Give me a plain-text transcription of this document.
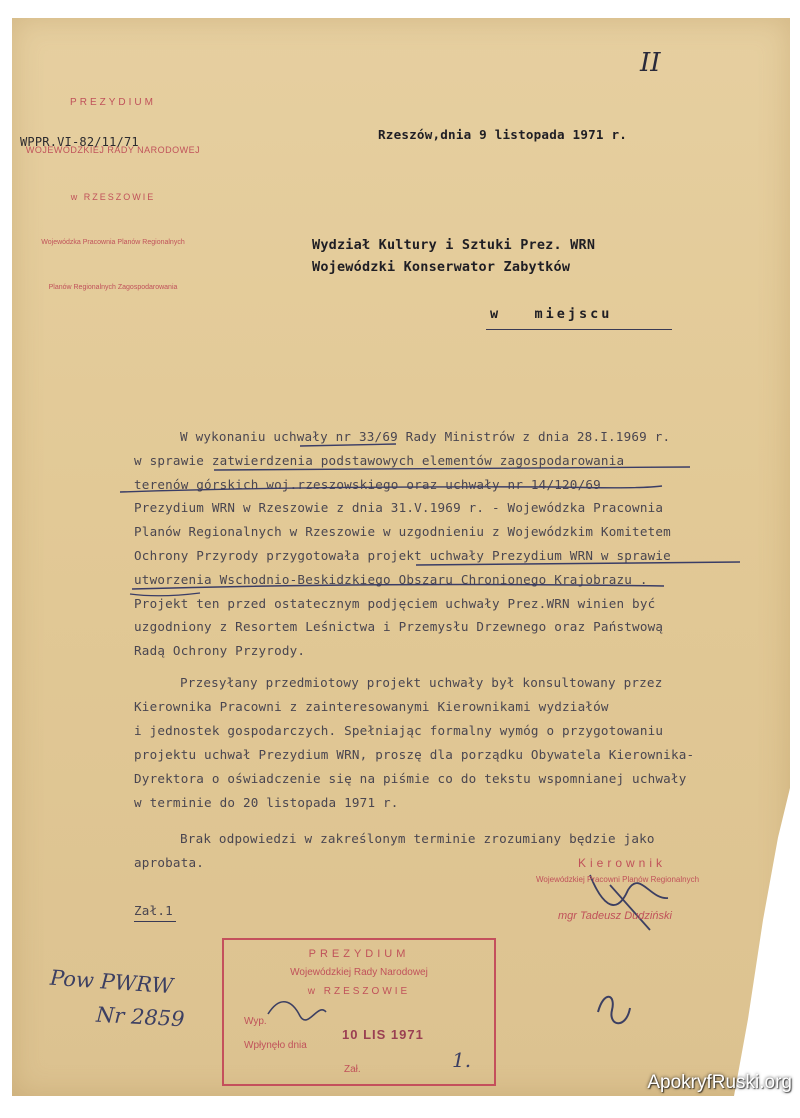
PREZYDIUM

WOJEWÓDZKIEJ RADY NARODOWEJ

w RZESZOWIE

Wojewódzka Pracownia Planów Regionalnych

Planów Regionalnych Zagospodarowania

WPPR.VI-82/11/71	Rzeszów,dnia 9 listopada 1971 r.
II
Wydział Kultury i Sztuki Prez. WRN
Wojewódzki Konserwator Zabytków
w   miejscu
W wykonaniu uchwały nr 33/69 Rady Ministrów z dnia 28.I.1969 r.
w sprawie zatwierdzenia podstawowych elementów zagospodarowania
terenów górskich woj.rzeszowskiego oraz uchwały nr 14/120/69
Prezydium WRN w Rzeszowie z dnia 31.V.1969 r. - Wojewódzka Pracownia
Planów Regionalnych w Rzeszowie w uzgodnieniu z Wojewódzkim Komitetem
Ochrony Przyrody przygotowała projekt uchwały Prezydium WRN w sprawie
utworzenia Wschodnio-Beskidzkiego Obszaru Chronionego Krajobrazu .
Projekt ten przed ostatecznym podjęciem uchwały Prez.WRN winien być
uzgodniony z Resortem Leśnictwa i Przemysłu Drzewnego oraz Państwową
Radą Ochrony Przyrody.
Przesyłany przedmiotowy projekt uchwały był konsultowany przez
Kierownika Pracowni z zainteresowanymi Kierownikami wydziałów
i jednostek gospodarczych. Spełniając formalny wymóg o przygotowaniu
projektu uchwał Prezydium WRN, proszę dla porządku Obywatela Kierownika-
Dyrektora o oświadczenie się na piśmie co do tekstu wspomnianej uchwały
w terminie do 20 listopada 1971 r.
Brak odpowiedzi w zakreślonym terminie zrozumiany będzie jako
aprobata.
Zał.1
Kierownik
Wojewódzkiej Pracowni Planów Regionalnych
mgr Tadeusz Dudziński
PREZYDIUM
Wojewódzkiej Rady Narodowej
w RZESZOWIE
Wyp.
10 LIS 1971
Wpłynęło dnia
Zał.	1.
Pow PWRW
Nr 2859
ApokryfRuski.org
